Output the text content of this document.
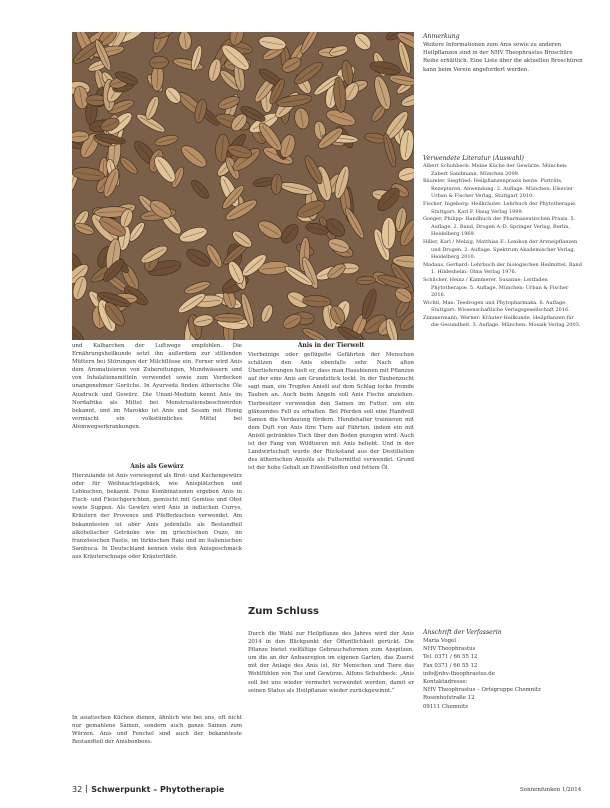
und Kalbarchen der Luftwege empfohlen. Die Ernährungsheilkunde setzt ihn außerdem zur stillenden Müttern bei Störungen der Milchflüsse ein. Ferner wird Anis dem Aromatisieren von Zubereitungen, Mundwässern und von Inhalationsmitteln verwendet sowie zum Verdecken unangenehmer Gerüche. In Ayurveda finden ätherische Öle Ausdruck und Gewürz. Die Unani-Medizin kennt Anis im Nordafrika als Mittel bei Menstruationsbeschwerden bekannt, und im Marokko ist Anis und Sesam mit Honig vermischt ein volkstümliches Mittel bei Atemwegserkrankungen.

Anis als Gewürz

Hierzulande ist Anis vorwiegend als Brot- und Kuchengewürz oder für Weihnachtsgebäck, wie Anisplätzchen und Lebkuchen, bekannt. Feine Kombinationen ergeben Anis in Fisch- und Fleischgerichten, gemischt mit Gemüse und Obst sowie Suppen. Als Gewürz wird Anis in indischen Currys, Kräutern der Provence und Pfefferkuchen verwendet. Am bekanntesten ist aber Anis jedenfalls als Bestandteil alkoholischer Getränke wie im griechischen Ouzo, im französischen Pastis, im türkischen Raki und im italienischen Sambuca. In Deutschland kennen viele den Anisgeschmack aus Kräuterschnaps oder Kräuterlikör.

In asiatischen Küchen dienen, ähnlich wie bei uns, oft nicht nur gemahlene Samen, sondern auch ganze Samen zum Würzen. Anis und Fenchel sind auch der bekannteste Bestandteil der Anisbonbons.

Anis in der Tierwelt

Vierbeinige oder geflügelte Gefährten der Menschen schätzen den Anis ebenfalls sehr. Nach alten Überlieferungen hielt er, dass man Hausbienen mit Pflanzen auf der eine Anis am Grundstück lockt. In der Taubenzucht sagt man, ein Tropfen Anisöl auf dem Schlag locke fremde Tauben an. Auch beim Angeln soll Anis Fische anziehen. Tierbesitzer verwenden den Samen im Futter, um ein glänzendes Fell zu erhalten. Bei Pferden soll eine Handvoll Samen die Verdauung fördern. Hundehalter trainieren mit dem Duft von Anis ihre Tiere auf Fährten, indem ein mit Anisöl getränktes Tuch über den Boden gezogen wird. Auch ist der Fang von Wildtieren mit Anis beliebt. Und in der Landwirtschaft wurde der Rückstand aus der Destillation des ätherischen Anisöls als Futtermittel verwendet. Grund ist der hohe Gehalt an Eiweißstoffen und fettem Öl.

Zum Schluss

Durch die Wahl zur Heilpflanze des Jahres wird der Anis 2014 in den Blickpunkt der Öffentlichkeit gerückt. Die Pflanze bietet vielfältige Gebrauchsformen zum Anspitzen, um die an der Anbauregion im eigenen Garten, das Zuerst mit der Anlage des Anis ist, für Menschen und Tiere das Wohlfühlen von Tee und Gewürze. Alfons Schuhbeck: „Anis soll bei uns wieder vermehrt verwendet werden, damit er seinen Status als Heilpflanze wieder zurückgewinnt.“

Anmerkung
Weitere Informationen zum Anis sowie zu anderen Heilpflanzen sind in der NHV Theophrastus Broschüre Reihe erhältlich. Eine Liste über die aktuellen Broschüren kann beim Verein angefordert werden.
Verwendete Literatur (Auswahl)

Albert Schuhbeck: Meine Küche der Gewürze. München: Zabert Sandmann, München 2009.

Bäumler, Siegfried: Heilpflanzenpraxis heute. Porträts, Rezepturen, Anwendung. 2. Auflage. München: Elsevier Urban & Fischer Verlag, Stuttgart 2010.

Fischer, Ingeborg: Heilkräuter. Lehrbuch der Phytotherapie. Stuttgart: Karl F. Haug Verlag 1999.

Goeger, Philipp: Handbuch der Pharmazeutischen Praxis. 5. Auflage, 2. Band, Drogen A–D. Springer Verlag, Berlin, Heidelberg 1969.

Hiller, Karl / Melzig, Matthias F.: Lexikon der Arzneipflanzen und Drogen. 2. Auflage. Spektrum Akademischer Verlag, Heidelberg 2010.

Madaus, Gerhard: Lehrbuch der biologischen Heilmittel. Band 1. Hildesheim: Olms Verlag 1976.

Schilcher, Heinz / Kammerer, Susanne: Leitfaden Phytotherapie. 5. Auflage. München: Urban & Fischer 2016.

Wichtl, Max: Teedrogen und Phytopharmaka. 6. Auflage. Stuttgart: Wissenschaftliche Verlagsgesellschaft 2016.

Zimmermann, Werner: Kräuter-Heilkunde. Heilpflanzen für die Gesundheit. 3. Auflage. München: Mosaik Verlag 2003.

Anschrift der Verfasserin
Maria Vogel
NHV Theophrastus
Tel. 0371 / 66 55 12
Fax 0371 / 66 55 12
info@nhv-theophrastus.de
Kontaktadresse:
NHV Theophrastus – Ortsgruppe Chemnitz
Rosenhofstraße 12
09111 Chemnitz
32 Schwerpunkt – Phytotherapie	Sonnenfunken 1/2014
